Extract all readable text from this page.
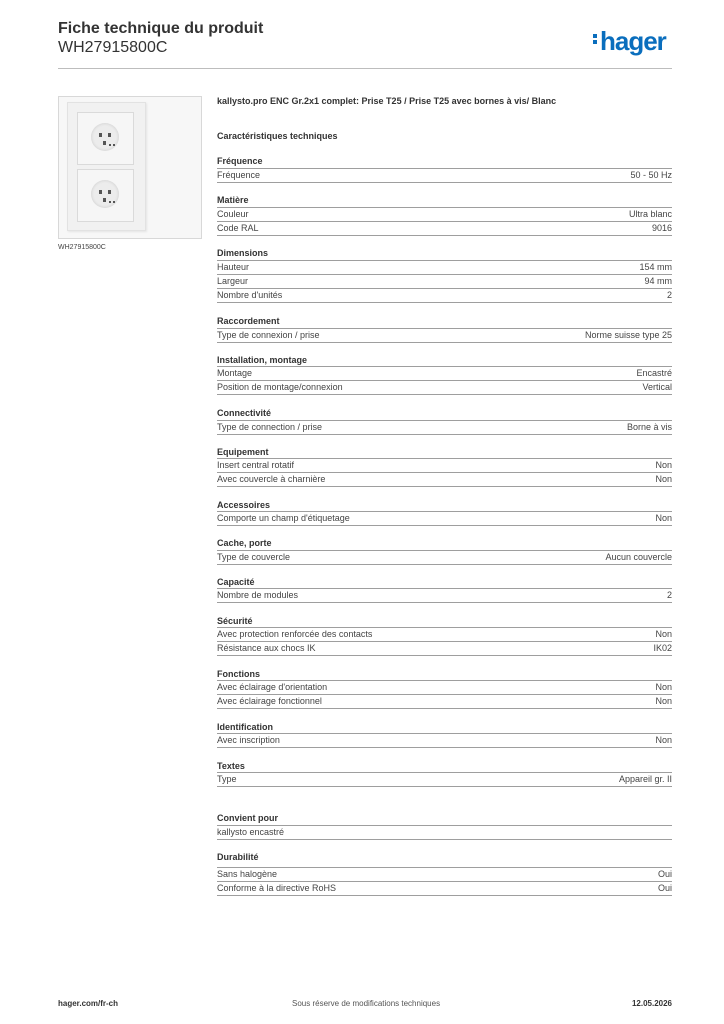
Fiche technique du produit
WH27915800C	hager
WH27915800C
kallysto.pro ENC Gr.2x1 complet: Prise T25 / Prise T25 avec bornes à vis/ Blanc
Caractéristiques techniques
Fréquence
Fréquence	50 - 50 Hz
Matière
Couleur	Ultra blanc
Code RAL	9016
Dimensions
Hauteur	154 mm
Largeur	94 mm
Nombre d'unités	2
Raccordement
Type de connexion / prise	Norme suisse type 25
Installation, montage
Montage	Encastré
Position de montage/connexion	Vertical
Connectivité
Type de connection / prise	Borne à vis
Equipement
Insert central rotatif	Non
Avec couvercle à charnière	Non
Accessoires
Comporte un champ d'étiquetage	Non
Cache, porte
Type de couvercle	Aucun couvercle
Capacité
Nombre de modules	2
Sécurité
Avec protection renforcée des contacts	Non
Résistance aux chocs IK	IK02
Fonctions
Avec éclairage d'orientation	Non
Avec éclairage fonctionnel	Non
Identification
Avec inscription	Non
Textes
Type	Appareil gr. II
Convient pour
kallysto encastré
Durabilité
Sans halogène	Oui
Conforme à la directive RoHS	Oui
hager.com/fr-ch	Sous réserve de modifications techniques	12.05.2026
